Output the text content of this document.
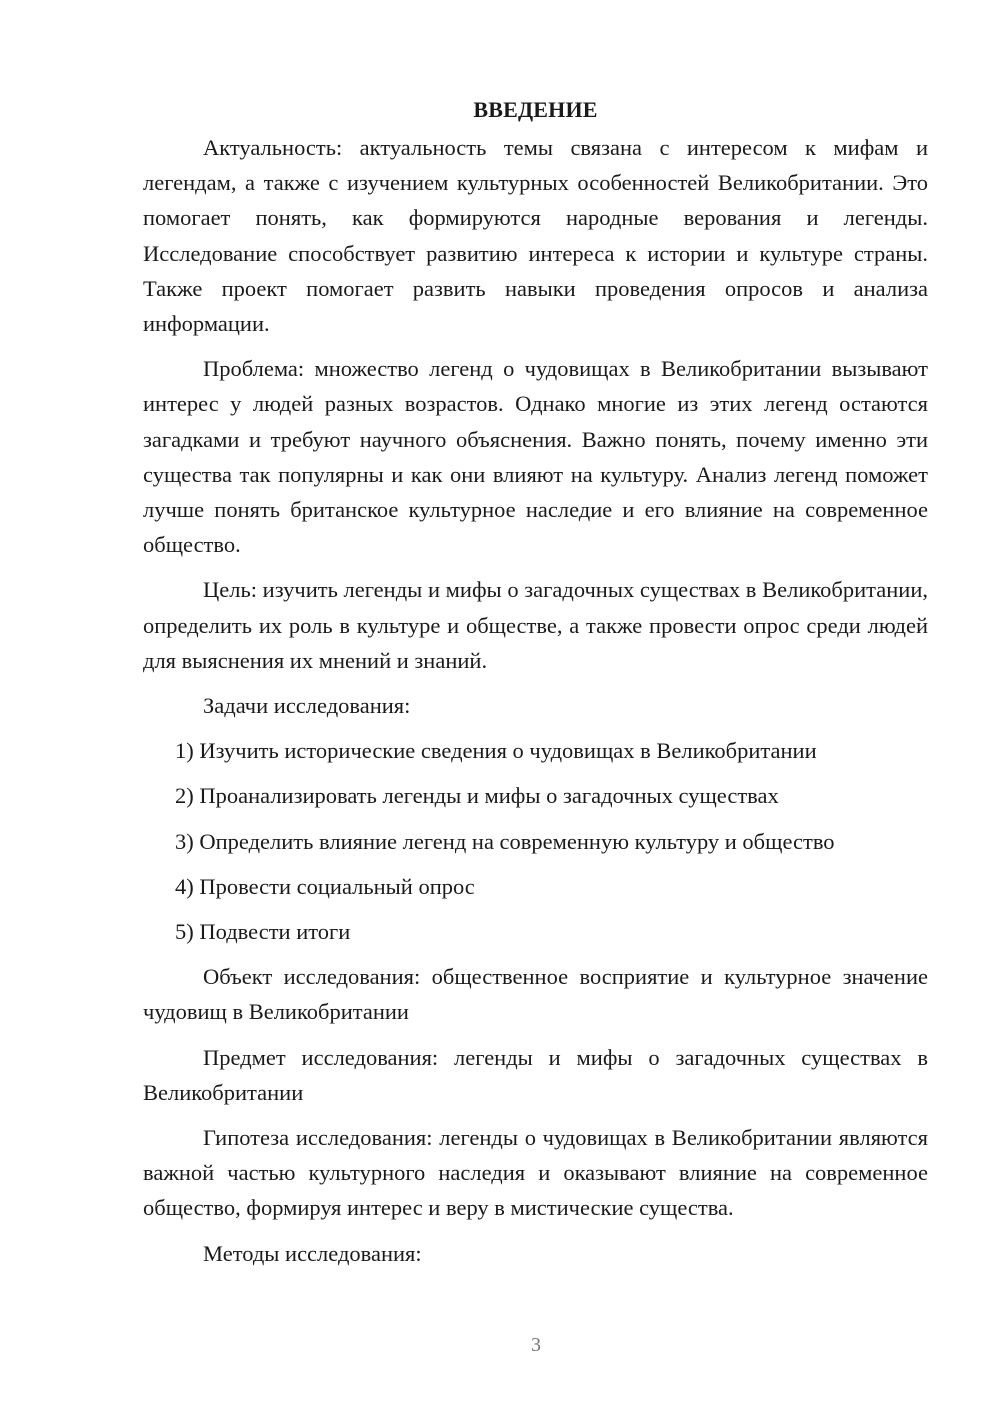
ВВЕДЕНИЕ

Актуальность: актуальность темы связана с интересом к мифам и легендам, а также с изучением культурных особенностей Великобритании. Это помогает понять, как формируются народные верования и легенды. Исследование способствует развитию интереса к истории и культуре страны. Также проект помогает развить навыки проведения опросов и анализа информации.

Проблема: множество легенд о чудовищах в Великобритании вызывают интерес у людей разных возрастов. Однако многие из этих легенд остаются загадками и требуют научного объяснения. Важно понять, почему именно эти существа так популярны и как они влияют на культуру. Анализ легенд поможет лучше понять британское культурное наследие и его влияние на современное общество.

Цель: изучить легенды и мифы о загадочных существах в Великобритании, определить их роль в культуре и обществе, а также провести опрос среди людей для выяснения их мнений и знаний.

Задачи исследования:

1) Изучить исторические сведения о чудовищах в Великобритании
2) Проанализировать легенды и мифы о загадочных существах
3) Определить влияние легенд на современную культуру и общество
4) Провести социальный опрос
5) Подвести итоги

Объект исследования: общественное восприятие и культурное значение чудовищ в Великобритании

Предмет исследования: легенды и мифы о загадочных существах в Великобритании

Гипотеза исследования: легенды о чудовищах в Великобритании являются важной частью культурного наследия и оказывают влияние на современное общество, формируя интерес и веру в мистические существа.

Методы исследования:

3
